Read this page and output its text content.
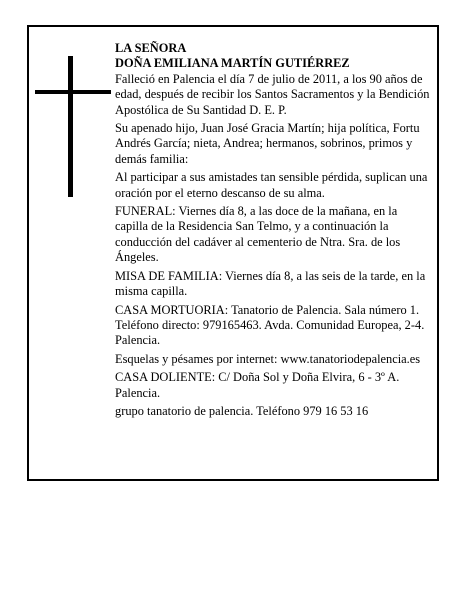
LA SEÑORA

DOÑA EMILIANA MARTÍN GUTIÉRREZ

Falleció en Palencia el día 7 de julio de 2011, a los 90 años de edad, después de recibir los Santos Sacramentos y la Bendición Apostólica de Su Santidad D. E. P.

Su apenado hijo, Juan José Gracia Martín; hija política, Fortu Andrés García; nieta, Andrea; hermanos, sobrinos, primos y demás familia:

Al participar a sus amistades tan sensible pérdida, suplican una oración por el eterno descanso de su alma.

FUNERAL: Viernes día 8, a las doce de la mañana, en la capilla de la Residencia San Telmo, y a continuación la conducción del cadáver al cementerio de Ntra. Sra. de los Ángeles.

MISA DE FAMILIA: Viernes día 8, a las seis de la tarde, en la misma capilla.

CASA MORTUORIA: Tanatorio de Palencia. Sala número 1. Teléfono directo: 979165463. Avda. Comunidad Europea, 2-4. Palencia.

Esquelas y pésames por internet: www.tanatoriodepalencia.es

CASA DOLIENTE: C/ Doña Sol y Doña Elvira, 6 - 3º A. Palencia.

grupo tanatorio de palencia. Teléfono 979 16 53 16
